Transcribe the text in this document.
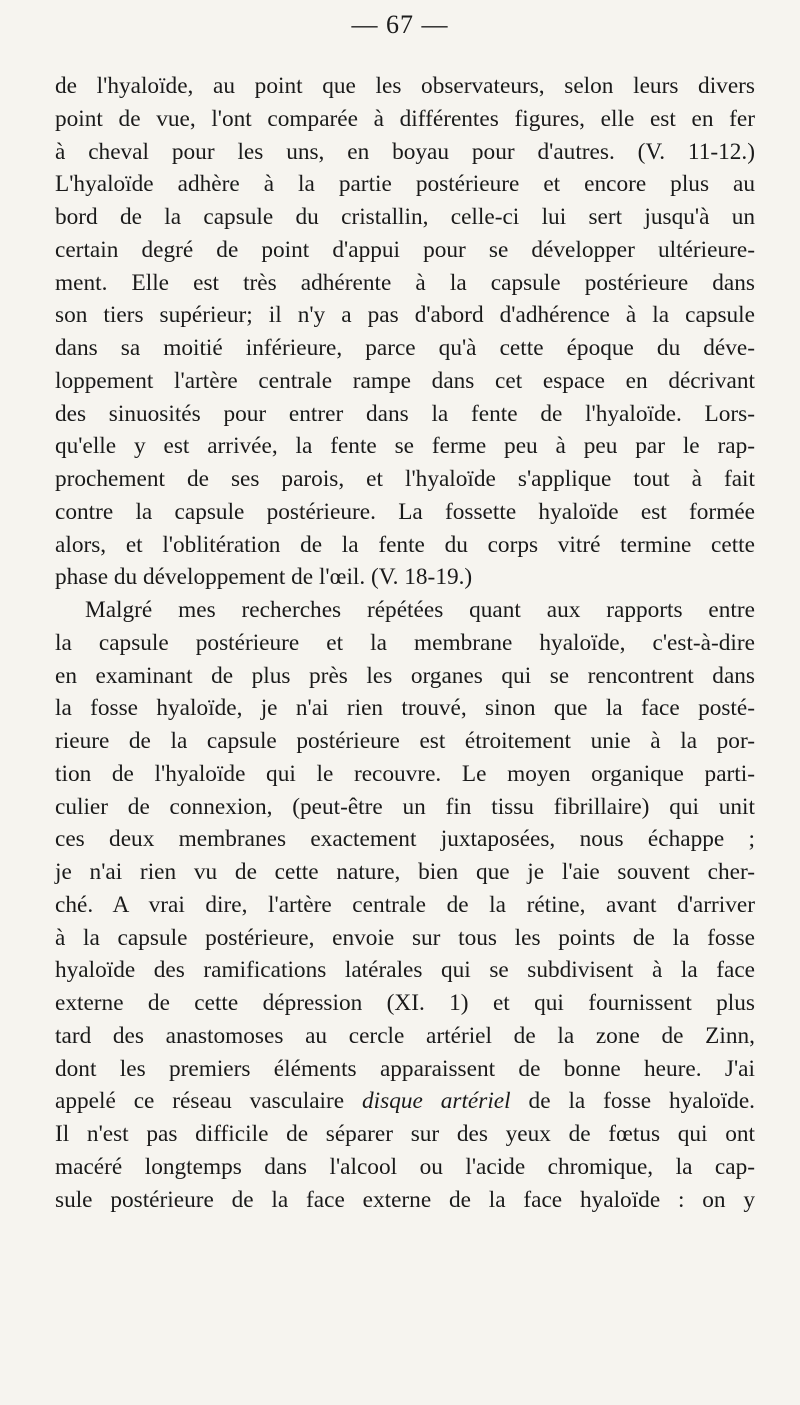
— 67 —
de l'hyaloïde, au point que les observateurs, selon leurs divers
point de vue, l'ont comparée à différentes figures, elle est en fer
à cheval pour les uns, en boyau pour d'autres. (V. 11-12.)
L'hyaloïde adhère à la partie postérieure et encore plus au
bord de la capsule du cristallin, celle-ci lui sert jusqu'à un
certain degré de point d'appui pour se développer ultérieure-
ment. Elle est très adhérente à la capsule postérieure dans
son tiers supérieur; il n'y a pas d'abord d'adhérence à la capsule
dans sa moitié inférieure, parce qu'à cette époque du déve-
loppement l'artère centrale rampe dans cet espace en décrivant
des sinuosités pour entrer dans la fente de l'hyaloïde. Lors-
qu'elle y est arrivée, la fente se ferme peu à peu par le rap-
prochement de ses parois, et l'hyaloïde s'applique tout à fait
contre la capsule postérieure. La fossette hyaloïde est formée
alors, et l'oblitération de la fente du corps vitré termine cette
phase du développement de l'œil. (V. 18-19.)
Malgré mes recherches répétées quant aux rapports entre
la capsule postérieure et la membrane hyaloïde, c'est-à-dire
en examinant de plus près les organes qui se rencontrent dans
la fosse hyaloïde, je n'ai rien trouvé, sinon que la face posté-
rieure de la capsule postérieure est étroitement unie à la por-
tion de l'hyaloïde qui le recouvre. Le moyen organique parti-
culier de connexion, (peut-être un fin tissu fibrillaire) qui unit
ces deux membranes exactement juxtaposées, nous échappe ;
je n'ai rien vu de cette nature, bien que je l'aie souvent cher-
ché. A vrai dire, l'artère centrale de la rétine, avant d'arriver
à la capsule postérieure, envoie sur tous les points de la fosse
hyaloïde des ramifications latérales qui se subdivisent à la face
externe de cette dépression (XI. 1) et qui fournissent plus
tard des anastomoses au cercle artériel de la zone de Zinn,
dont les premiers éléments apparaissent de bonne heure. J'ai
appelé ce réseau vasculaire disque artériel de la fosse hyaloïde.
Il n'est pas difficile de séparer sur des yeux de fœtus qui ont
macéré longtemps dans l'alcool ou l'acide chromique, la cap-
sule postérieure de la face externe de la face hyaloïde : on y
